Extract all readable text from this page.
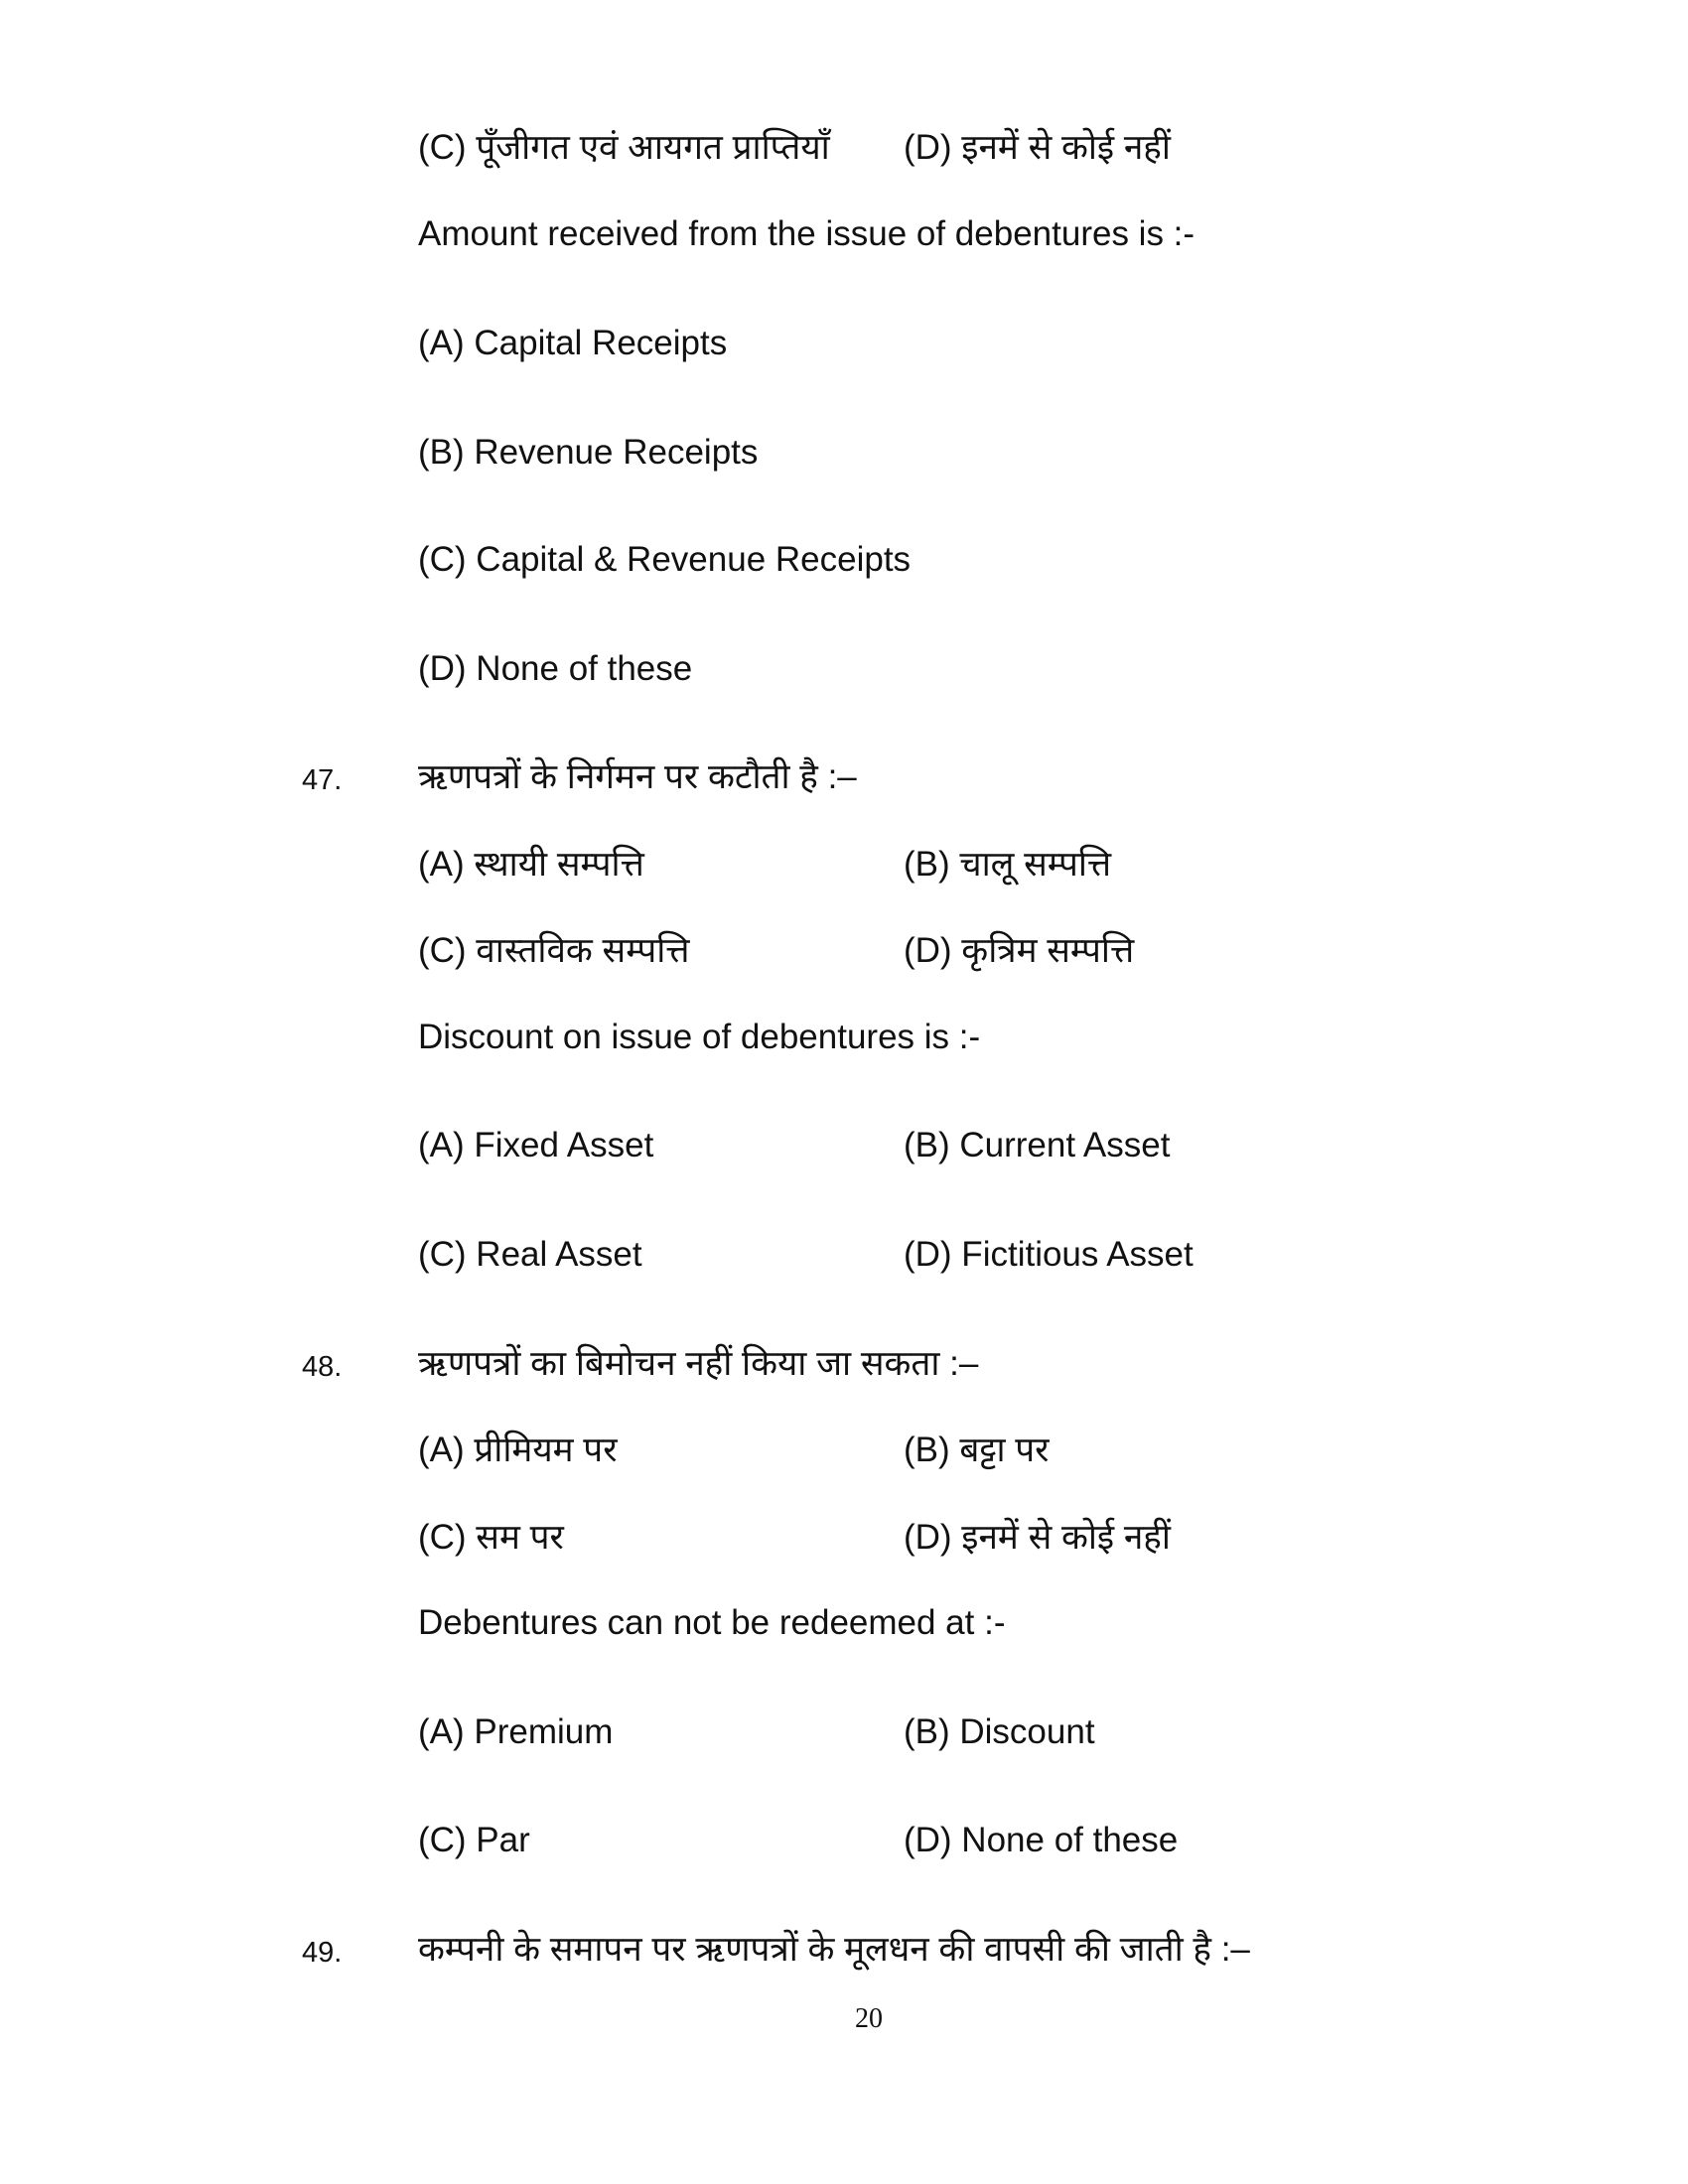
(C) पूँजीगत एवं आयगत प्राप्तियाँ (D) इनमें से कोई नहीं
Amount received from the issue of debentures is :-
(A) Capital Receipts
(B) Revenue Receipts
(C) Capital & Revenue Receipts
(D) None of these
47. ऋणपत्रों के निर्गमन पर कटौती है :–
(A) स्थायी सम्पत्ति	(B) चालू सम्पत्ति
(C) वास्तविक सम्पत्ति	(D) कृत्रिम सम्पत्ति
Discount on issue of debentures is :-
(A) Fixed Asset	(B) Current Asset
(C) Real Asset	(D) Fictitious Asset
48. ऋणपत्रों का बिमोचन नहीं किया जा सकता :–
(A) प्रीमियम पर	(B) बट्टा पर
(C) सम पर	(D) इनमें से कोई नहीं
Debentures can not be redeemed at :-
(A) Premium	(B) Discount
(C) Par	(D) None of these
49. कम्पनी के समापन पर ऋणपत्रों के मूलधन की वापसी की जाती है :–
20
